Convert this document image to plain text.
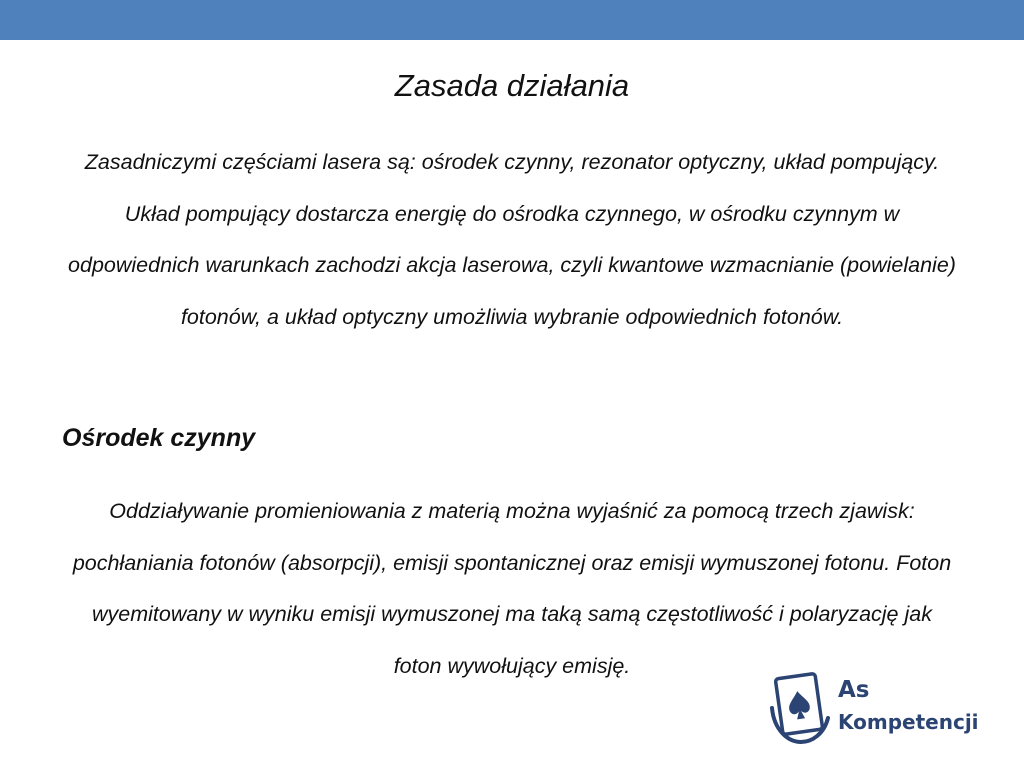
Zasada działania

Zasadniczymi częściami lasera są: ośrodek czynny, rezonator optyczny, układ pompujący. Układ pompujący dostarcza energię do ośrodka czynnego, w ośrodku czynnym w odpowiednich warunkach zachodzi akcja laserowa, czyli kwantowe wzmacnianie (powielanie) fotonów, a układ optyczny umożliwia wybranie odpowiednich fotonów.

Ośrodek czynny

Oddziaływanie promieniowania z materią można wyjaśnić za pomocą trzech zjawisk: pochłaniania fotonów (absorpcji), emisji spontanicznej oraz emisji wymuszonej fotonu. Foton wyemitowany w wyniku emisji wymuszonej ma taką samą częstotliwość i polaryzację jak foton wywołujący emisję.

As
Kompetencji
